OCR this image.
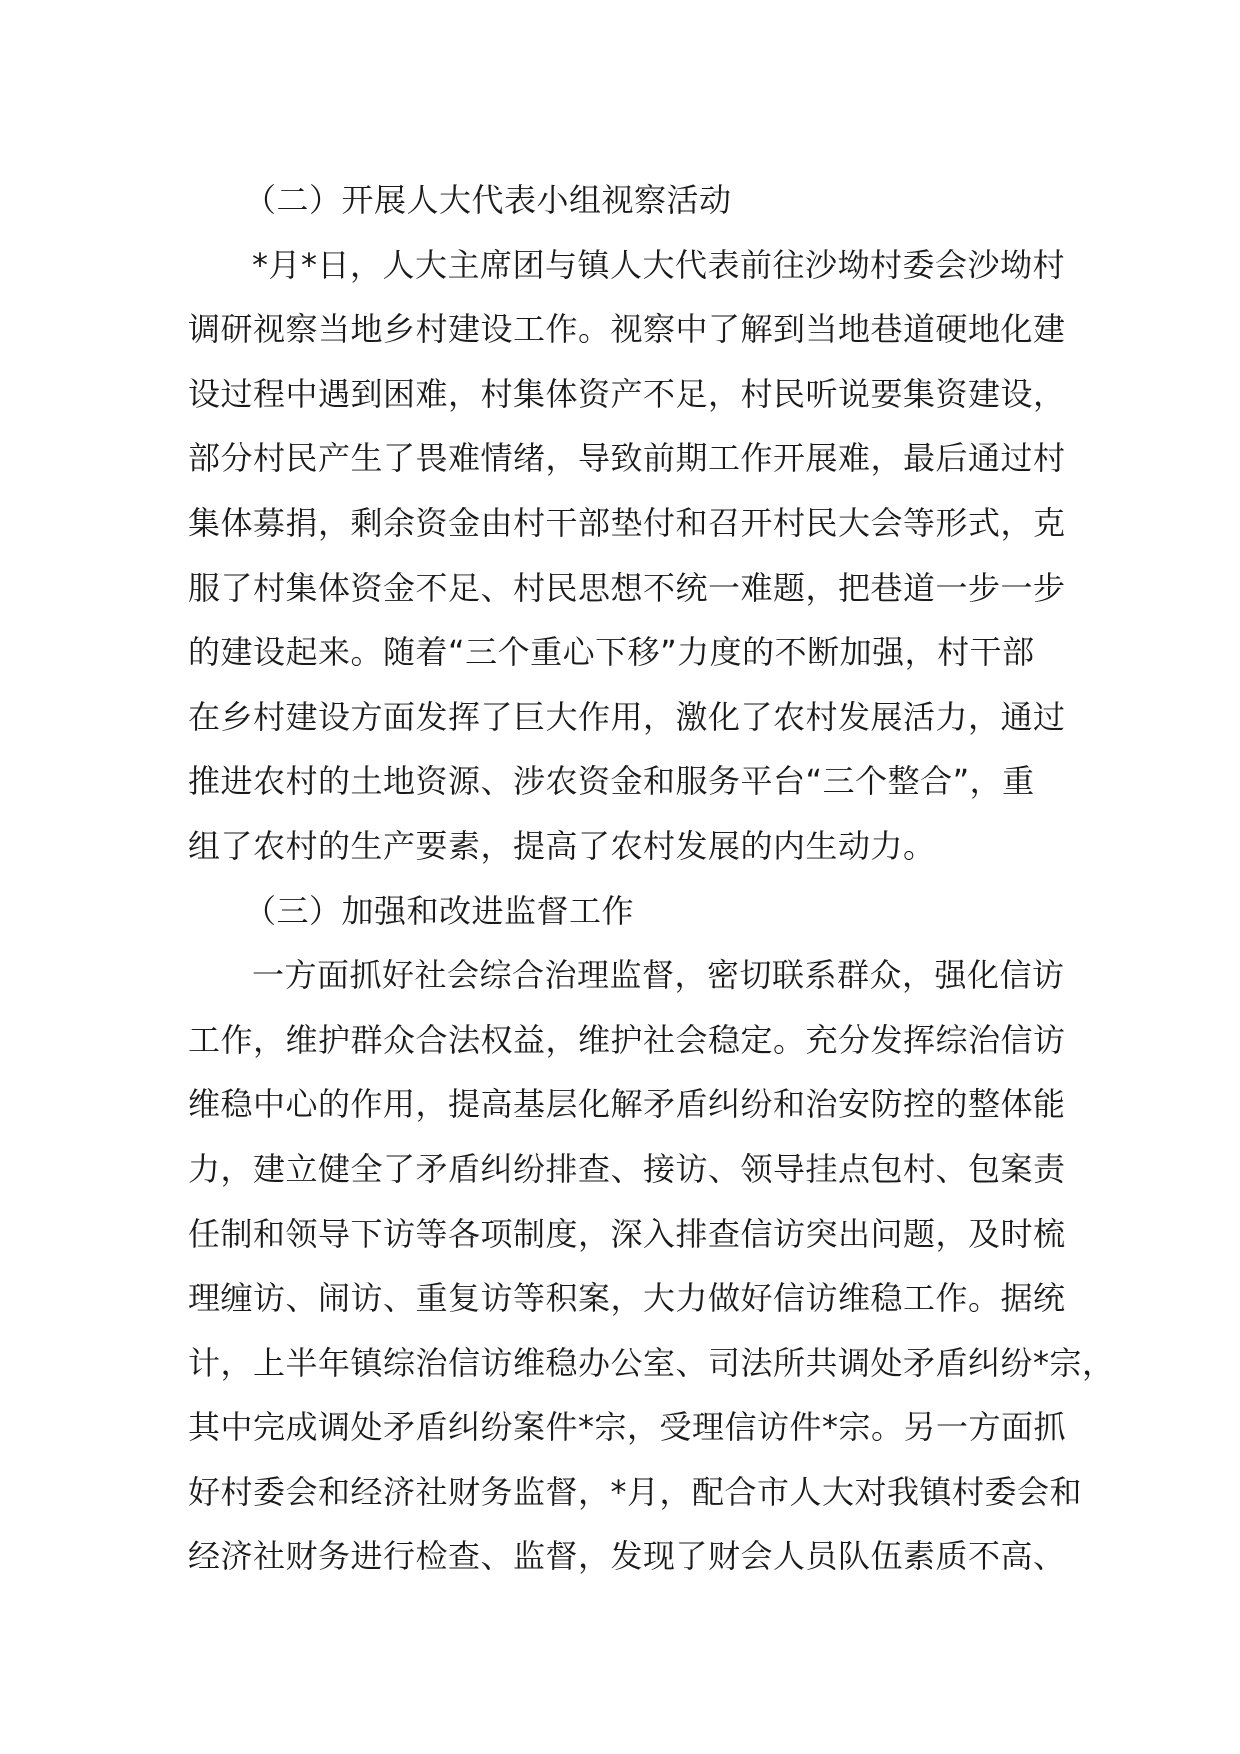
（二）开展人大代表小组视察活动
*月*日，人大主席团与镇人大代表前往沙坳村委会沙坳村
调研视察当地乡村建设工作。视察中了解到当地巷道硬地化建
设过程中遇到困难，村集体资产不足，村民听说要集资建设，
部分村民产生了畏难情绪，导致前期工作开展难，最后通过村
集体募捐，剩余资金由村干部垫付和召开村民大会等形式，克
服了村集体资金不足、村民思想不统一难题，把巷道一步一步
的建设起来。随着“三个重心下移”力度的不断加强，村干部
在乡村建设方面发挥了巨大作用，激化了农村发展活力，通过
推进农村的土地资源、涉农资金和服务平台“三个整合”，重
组了农村的生产要素，提高了农村发展的内生动力。
（三）加强和改进监督工作
一方面抓好社会综合治理监督，密切联系群众，强化信访
工作，维护群众合法权益，维护社会稳定。充分发挥综治信访
维稳中心的作用，提高基层化解矛盾纠纷和治安防控的整体能
力，建立健全了矛盾纠纷排查、接访、领导挂点包村、包案责
任制和领导下访等各项制度，深入排查信访突出问题，及时梳
理缠访、闹访、重复访等积案，大力做好信访维稳工作。据统
计，上半年镇综治信访维稳办公室、司法所共调处矛盾纠纷*宗，
其中完成调处矛盾纠纷案件*宗，受理信访件*宗。另一方面抓
好村委会和经济社财务监督，*月，配合市人大对我镇村委会和
经济社财务进行检查、监督，发现了财会人员队伍素质不高、
